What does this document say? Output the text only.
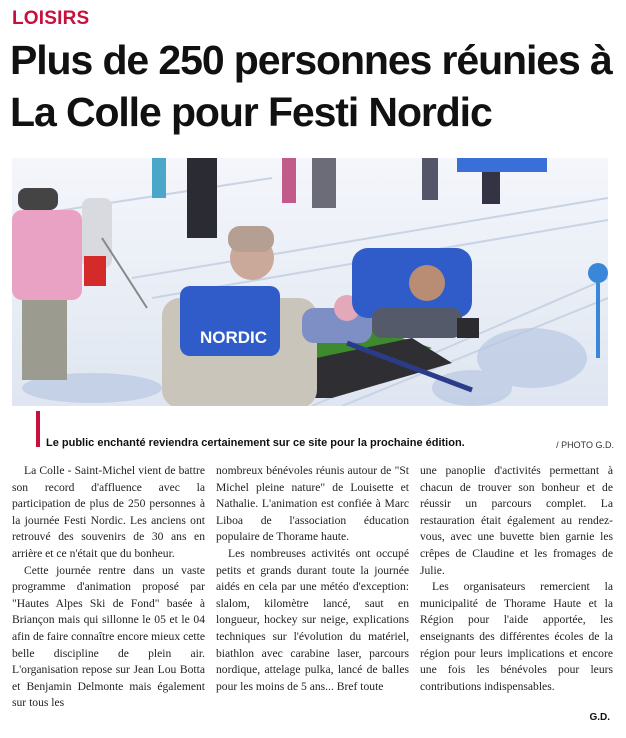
LOISIRS
Plus de 250 personnes réunies à La Colle pour Festi Nordic
NORDIC
Le public enchanté reviendra certainement sur ce site pour la prochaine édition.	/ PHOTO G.D.

La Colle - Saint-Michel vient de battre son record d'affluence avec la participation de plus de 250 personnes à la journée Festi Nordic. Les anciens ont retrouvé des souvenirs de 30 ans en arrière et ce n'était que du bonheur.

Cette journée rentre dans un vaste programme d'animation proposé par "Hautes Alpes Ski de Fond" basée à Briançon mais qui sillonne le 05 et le 04 afin de faire connaître encore mieux cette belle discipline de plein air. L'organisation repose sur Jean Lou Botta et Benjamin Delmonte mais également sur tous les

nombreux bénévoles réunis autour de "St Michel pleine nature" de Louisette et Nathalie. L'animation est confiée à Marc Liboa de l'association éducation populaire de Thorame haute.

Les nombreuses activités ont occupé petits et grands durant toute la journée aidés en cela par une météo d'exception: slalom, kilomètre lancé, saut en longueur, hockey sur neige, explications techniques sur l'évolution du matériel, biathlon avec carabine laser, parcours nordique, attelage pulka, lancé de balles pour les moins de 5 ans... Bref toute

une panoplie d'activités permettant à chacun de trouver son bonheur et de réussir un parcours complet. La restauration était également au rendez-vous, avec une buvette bien garnie les crêpes de Claudine et les fromages de Julie.

Les organisateurs remercient la municipalité de Thorame Haute et la Région pour l'aide apportée, les enseignants des différentes écoles de la région pour leurs implications et encore une fois les bénévoles pour leurs contributions indispensables.

G.D.
